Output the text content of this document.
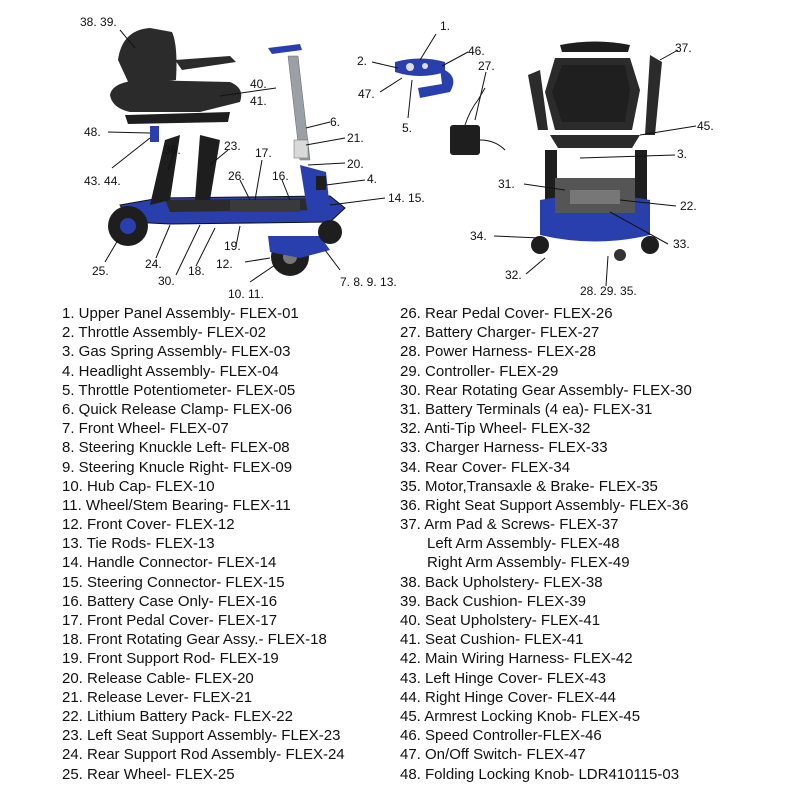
38. 39.
40.
41.
48.
36.	23. 17.
6.
21.
20.
43. 44.	26. 16.	4.
14. 15.
19.
24.
25.
30.
18. 12.
10. 11.
7. 8. 9. 13.
1.
2.
46.
27.
47.
5.
37.
45.
3.
31.
22.
34.
33.
32.
28. 29. 35.
1. Upper Panel Assembly- FLEX-01
2. Throttle Assembly- FLEX-02
3. Gas Spring Assembly- FLEX-03
4. Headlight Assembly- FLEX-04
5. Throttle Potentiometer- FLEX-05
6. Quick Release Clamp- FLEX-06
7. Front Wheel- FLEX-07
8. Steering Knuckle Left- FLEX-08
9. Steering Knucle Right- FLEX-09
10. Hub Cap- FLEX-10
11. Wheel/Stem Bearing- FLEX-11
12. Front Cover- FLEX-12
13. Tie Rods- FLEX-13
14. Handle Connector- FLEX-14
15. Steering Connector- FLEX-15
16. Battery Case Only- FLEX-16
17. Front Pedal Cover- FLEX-17
18. Front Rotating Gear Assy.- FLEX-18
19. Front Support Rod- FLEX-19
20. Release Cable- FLEX-20
21. Release Lever- FLEX-21
22. Lithium Battery Pack- FLEX-22
23. Left Seat Support Assembly- FLEX-23
24. Rear Support Rod Assembly- FLEX-24
25. Rear Wheel- FLEX-25
26. Rear Pedal Cover- FLEX-26
27. Battery Charger- FLEX-27
28. Power Harness- FLEX-28
29. Controller- FLEX-29
30. Rear Rotating Gear Assembly- FLEX-30
31. Battery Terminals (4 ea)- FLEX-31
32. Anti-Tip Wheel- FLEX-32
33. Charger Harness- FLEX-33
34. Rear Cover- FLEX-34
35. Motor,Transaxle & Brake- FLEX-35
36. Right Seat Support Assembly- FLEX-36
37. Arm Pad & Screws- FLEX-37
Left Arm Assembly- FLEX-48
Right Arm Assembly- FLEX-49
38. Back Upholstery- FLEX-38
39. Back Cushion- FLEX-39
40. Seat Upholstery- FLEX-41
41. Seat Cushion- FLEX-41
42. Main Wiring Harness- FLEX-42
43. Left Hinge Cover- FLEX-43
44. Right Hinge Cover- FLEX-44
45. Armrest Locking Knob- FLEX-45
46. Speed Controller-FLEX-46
47. On/Off Switch- FLEX-47
48. Folding Locking Knob- LDR410115-03
